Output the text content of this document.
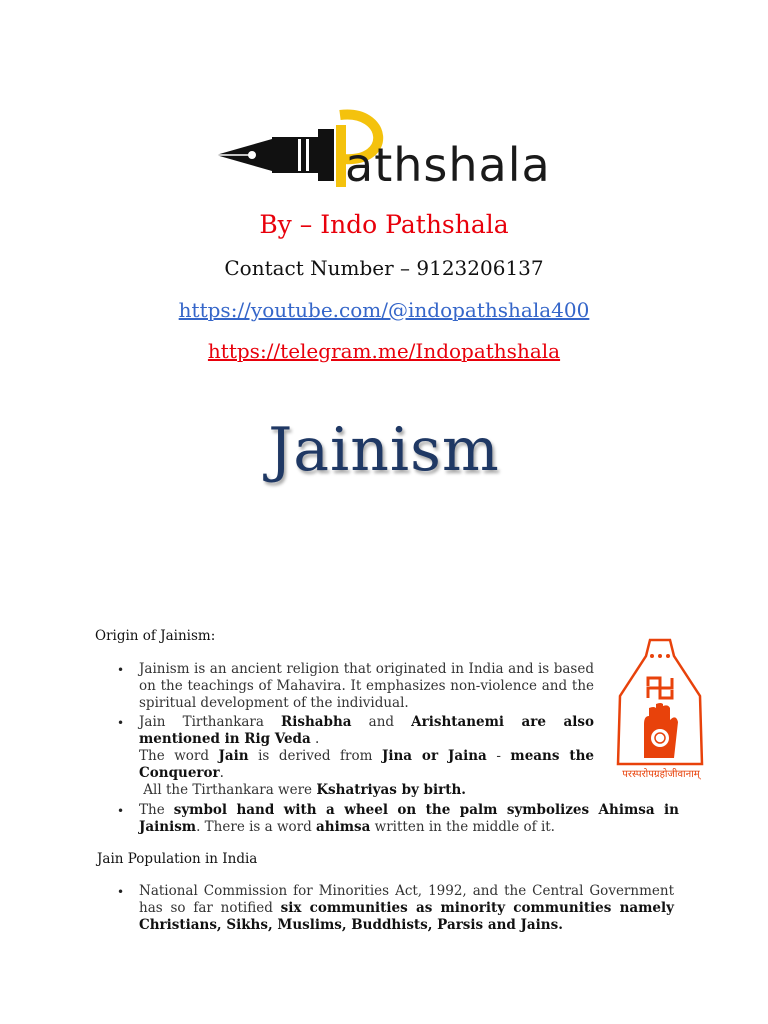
athshala
By – Indo Pathshala
Contact Number – 9123206137
https://youtube.com/@indopathshala400
https://telegram.me/Indopathshala
Jainism
Origin of Jainism:
• Jainism is an ancient religion that originated in India and is based on the teachings of Mahavira. It emphasizes non-violence and the spiritual development of the individual.
• Jain Tirthankara Rishabha and Arishtanemi are also mentioned in Rig Veda .
The word Jain is derived from Jina or Jaina - means the Conqueror.
All the Tirthankara were Kshatriyas by birth.
• The symbol hand with a wheel on the palm symbolizes Ahimsa in Jainism. There is a word ahimsa written in the middle of it.
परस्परोपग्रहोजीवानाम्
Jain Population in India
• National Commission for Minorities Act, 1992, and the Central Government has so far notified six communities as minority communities namely Christians, Sikhs, Muslims, Buddhists, Parsis and Jains.
